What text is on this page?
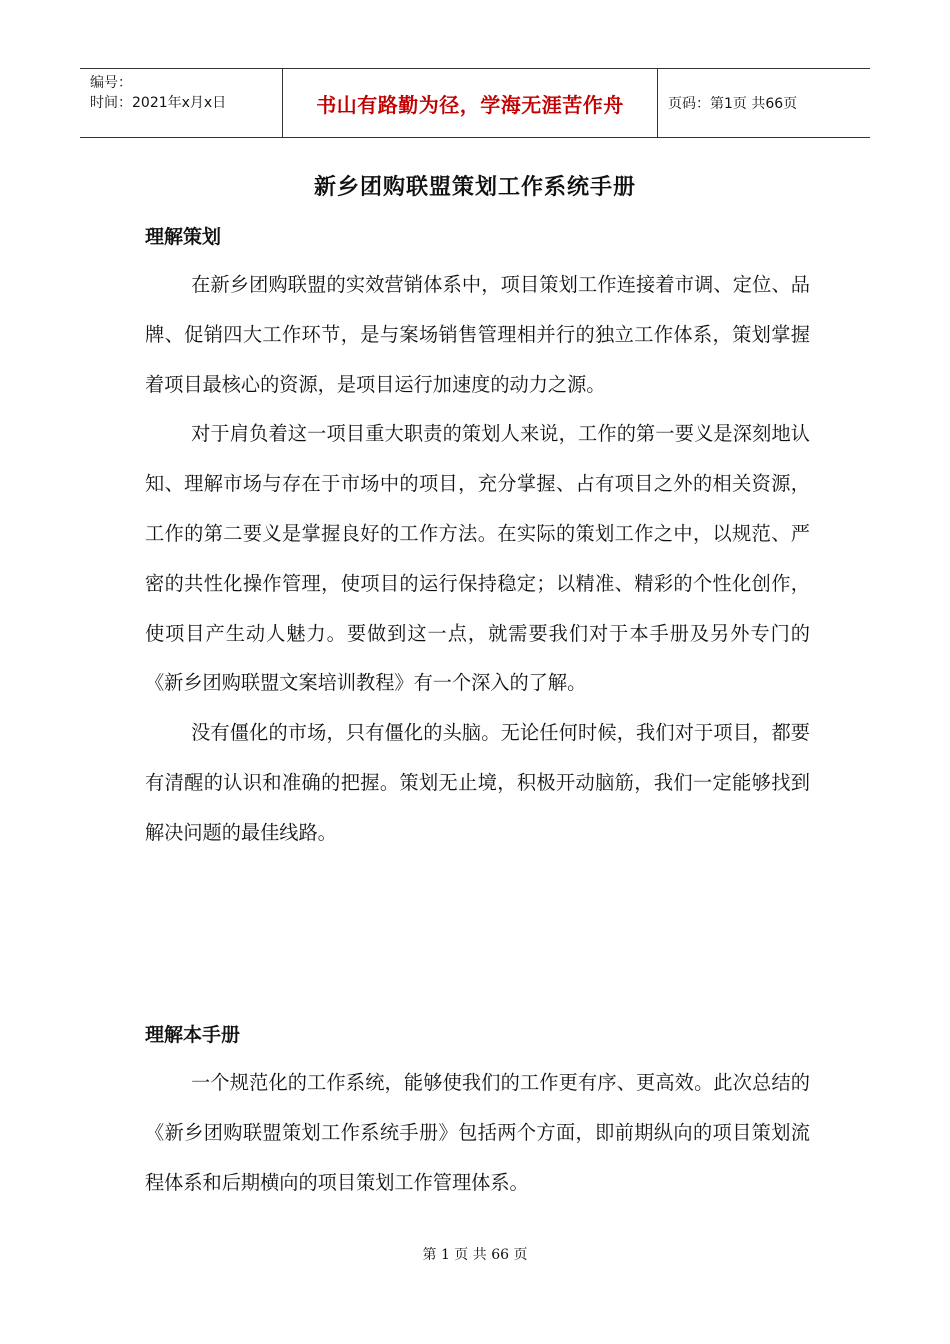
编号：
时间：2021年x月x日	书山有路勤为径，学海无涯苦作舟	页码：第1页 共66页
新乡团购联盟策划工作系统手册
理解策划

在新乡团购联盟的实效营销体系中，项目策划工作连接着市调、定位、品牌、促销四大工作环节，是与案场销售管理相并行的独立工作体系，策划掌握着项目最核心的资源，是项目运行加速度的动力之源。

对于肩负着这一项目重大职责的策划人来说，工作的第一要义是深刻地认知、理解市场与存在于市场中的项目，充分掌握、占有项目之外的相关资源，工作的第二要义是掌握良好的工作方法。在实际的策划工作之中，以规范、严密的共性化操作管理，使项目的运行保持稳定；以精准、精彩的个性化创作，使项目产生动人魅力。要做到这一点，就需要我们对于本手册及另外专门的《新乡团购联盟文案培训教程》有一个深入的了解。

没有僵化的市场，只有僵化的头脑。无论任何时候，我们对于项目，都要有清醒的认识和准确的把握。策划无止境，积极开动脑筋，我们一定能够找到解决问题的最佳线路。

理解本手册

一个规范化的工作系统，能够使我们的工作更有序、更高效。此次总结的《新乡团购联盟策划工作系统手册》包括两个方面，即前期纵向的项目策划流程体系和后期横向的项目策划工作管理体系。

第 1 页 共 66 页
